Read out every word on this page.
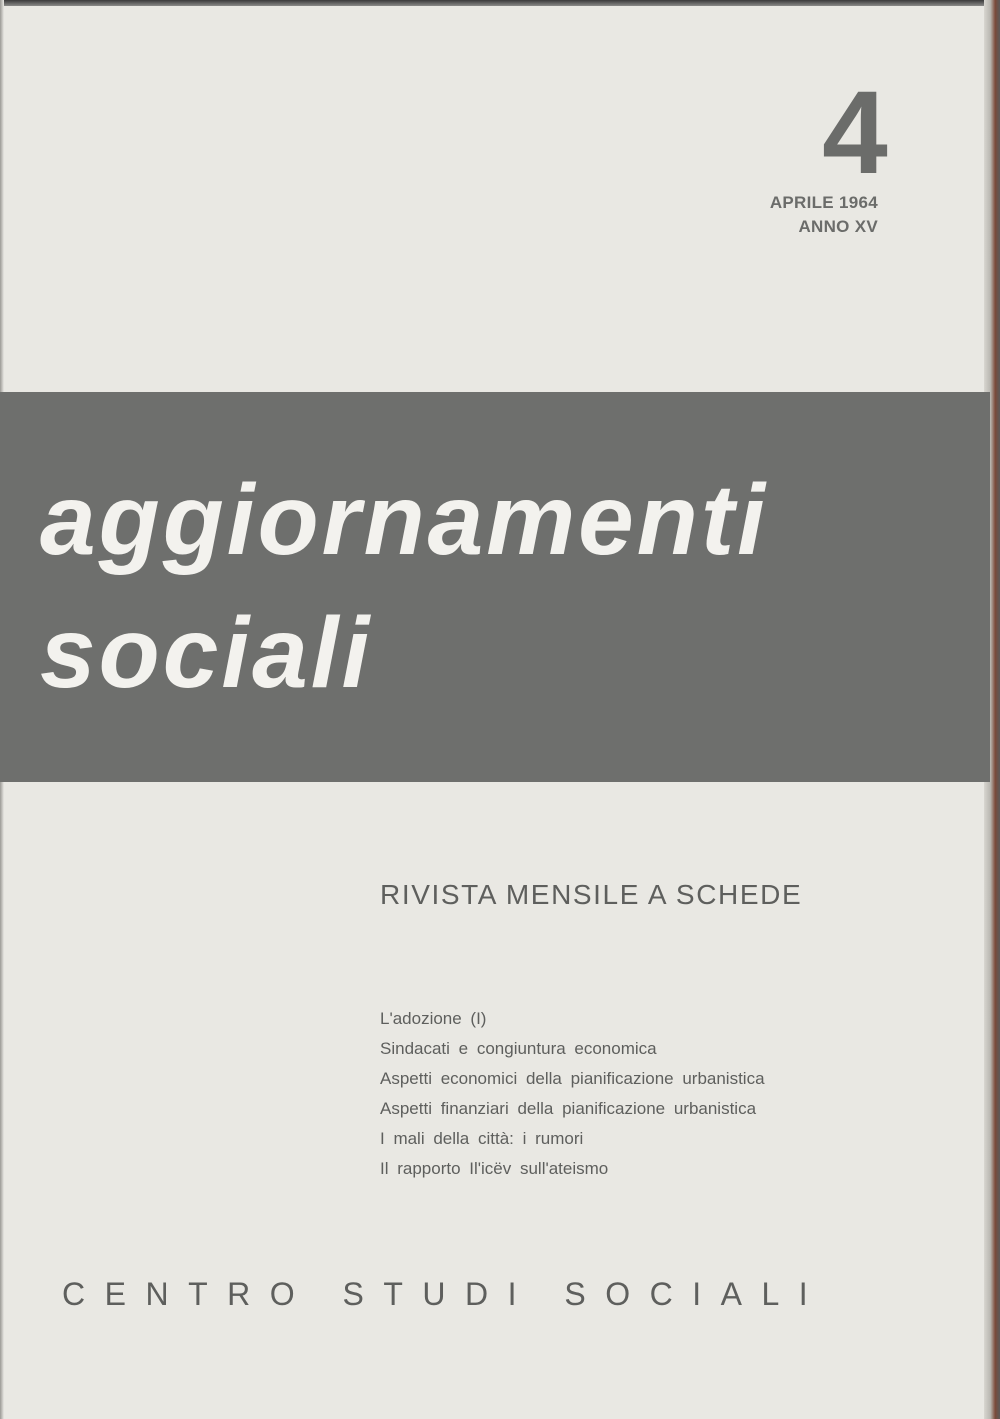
4
APRILE 1964
ANNO XV
aggiornamenti
sociali
RIVISTA MENSILE A SCHEDE
L'adozione (I)
Sindacati e congiuntura economica
Aspetti economici della pianificazione urbanistica
Aspetti finanziari della pianificazione urbanistica
I mali della città: i rumori
Il rapporto Il'icëv sull'ateismo
CENTRO STUDI SOCIALI
